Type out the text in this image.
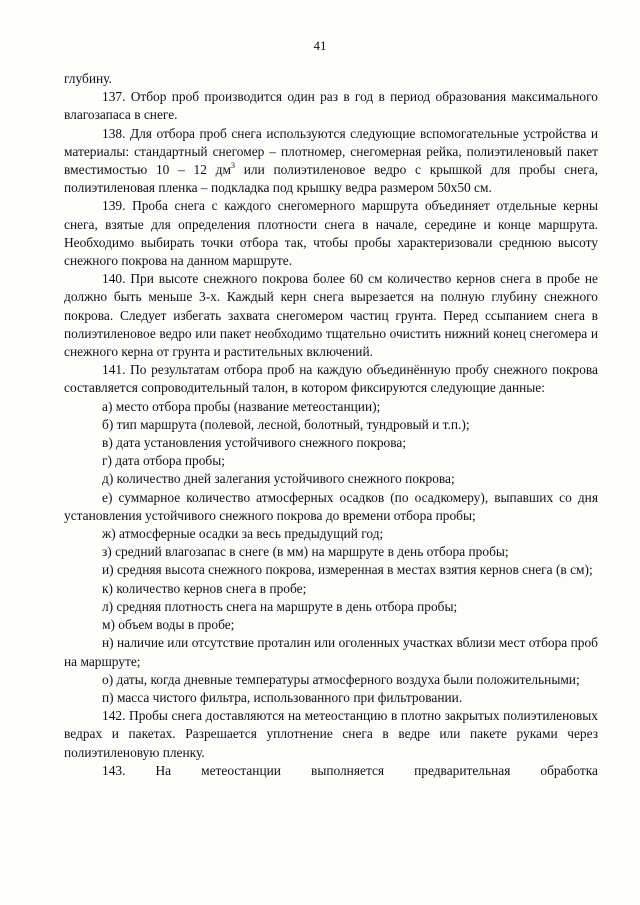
41

глубину.

137. Отбор проб производится один раз в год в период образования максимального влагозапаса в снеге.

138. Для отбора проб снега используются следующие вспомогательные устройства и материалы: стандартный снегомер – плотномер, снегомерная рейка, полиэтиленовый пакет вместимостью 10 – 12 $дм^3$ или полиэтиленовое ведро с крышкой для пробы снега, полиэтиленовая пленка – подкладка под крышку ведра размером 50х50 см.

139. Проба снега с каждого снегомерного маршрута объединяет отдельные керны снега, взятые для определения плотности снега в начале, середине и конце маршрута. Необходимо выбирать точки отбора так, чтобы пробы характеризовали среднюю высоту снежного покрова на данном маршруте.

140. При высоте снежного покрова более 60 см количество кернов снега в пробе не должно быть меньше 3-х. Каждый керн снега вырезается на полную глубину снежного покрова. Следует избегать захвата снегомером частиц грунта. Перед ссыпанием снега в полиэтиленовое ведро или пакет необходимо тщательно очистить нижний конец снегомера и снежного керна от грунта и растительных включений.

141. По результатам отбора проб на каждую объединённую пробу снежного покрова составляется сопроводительный талон, в котором фиксируются следующие данные:

а) место отбора пробы (название метеостанции);

б) тип маршрута (полевой, лесной, болотный, тундровый и т.п.);

в) дата установления устойчивого снежного покрова;

г) дата отбора пробы;

д) количество дней залегания устойчивого снежного покрова;

е) суммарное количество атмосферных осадков (по осадкомеру), выпавших со дня установления устойчивого снежного покрова до времени отбора пробы;

ж) атмосферные осадки за весь предыдущий год;

з) средний влагозапас в снеге (в мм) на маршруте в день отбора пробы;

и) средняя высота снежного покрова, измеренная в местах взятия кернов снега (в см);

к) количество кернов снега в пробе;

л) средняя плотность снега на маршруте в день отбора пробы;

м) объем воды в пробе;

н) наличие или отсутствие проталин или оголенных участках вблизи мест отбора проб на маршруте;

о) даты, когда дневные температуры атмосферного воздуха были положительными;

п) масса чистого фильтра, использованного при фильтровании.

142. Пробы снега доставляются на метеостанцию в плотно закрытых полиэтиленовых ведрах и пакетах. Разрешается уплотнение снега в ведре или пакете руками через полиэтиленовую пленку.

143. На метеостанции выполняется предварительная обработка
